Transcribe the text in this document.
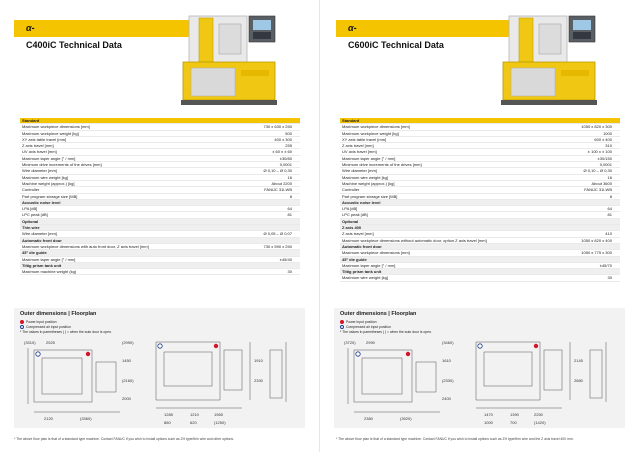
α-
C400iC Technical Data
Standard
Maximum workpiece dimensions [mm]	730 x 630 x 250
Maximum workpiece weight [kg]	500
XY axis table travel [mm]	400 x 300
Z axis travel [mm]	255
UV axis travel [mm]	± 60 x ± 60
Maximum taper angle [° / mm]	±30/80
Minimum drive increments of the drives [mm]	0,0001
Wire diameter [mm]	Ø 0,10 – Ø 0,30
Maximum wire weight [kg]	16
Machine weight (approx.) [kg]	About 2200
Controller	FANUC 31i-WB
Part program storage size [MB]	8
Acoustic noise level
LPA [dB]	64
LPC peak [dB]	81
Optional
Thin wire
Wire diameter [mm]	Ø 0,05 – Ø 0,07
Automatic front door
Maximum workpiece dimensions with auto front door, Z axis travel [mm]	730 x 590 x 250
45° die guide
Maximum taper angle [° / mm]	±45/40
Tiltig prism tank unit
Maximum machine weight (kg)	30
Outer dimensions | Floorplan
Power input position
Compressed air input position
* The values in parentheses ( ) = when the auto door is open.
(3310)	2525	(2990)
1450
(2160)
2000
2120	(3360)
1910
2330
1285	1210	1965
860	620	(1250)
* The above floor plan is that of a standard type machine. Contact FANUC if you wish to install options such as ZH type/thin wire and other options.
α-
C600iC Technical Data
Standard
Maximum workpiece dimensions [mm]	1050 x 820 x 300
Maximum workpiece weight [kg]	1000
XY axis table travel [mm]	600 x 400
Z axis travel [mm]	310
UV axis travel [mm]	± 100 x ± 100
Maximum taper angle [° / mm]	±30/150
Minimum drive increments of the drives [mm]	0,0001
Wire diameter [mm]	Ø 0,10 – Ø 0,30
Maximum wire weight [kg]	16
Machine weight (approx.) [kg]	About 3600
Controller	FANUC 31i-WB
Part program storage size [MB]	8
Acoustic noise level
LPA [dB]	64
LPC peak [dB]	81
Optional
Z axis 400
Z axis travel [mm]	410
Maximum workpiece dimensions without automatic door, option Z axis travel [mm]	1050 x 820 x 400
Automatic front door
Maximum workpiece dimensions [mm]	1050 x 775 x 300
45° die guide
Maximum taper angle [° / mm]	±45/70
Tiltig prism tank unit
Maximum wire weight [kg]	30
Outer dimensions | Floorplan
Power input position
Compressed air input position
* The values in parentheses ( ) = when the auto door is open.
(3720)	2990	(3460)
1610
(2330)
2400
2380	(3920)
2145
2680
1470	1390	2250
1000	700	(1420)
* The above floor plan is that of a standard type machine. Contact FANUC if you wish to install options such as ZH type/thin wire and the Z axis travel 400 mm.
